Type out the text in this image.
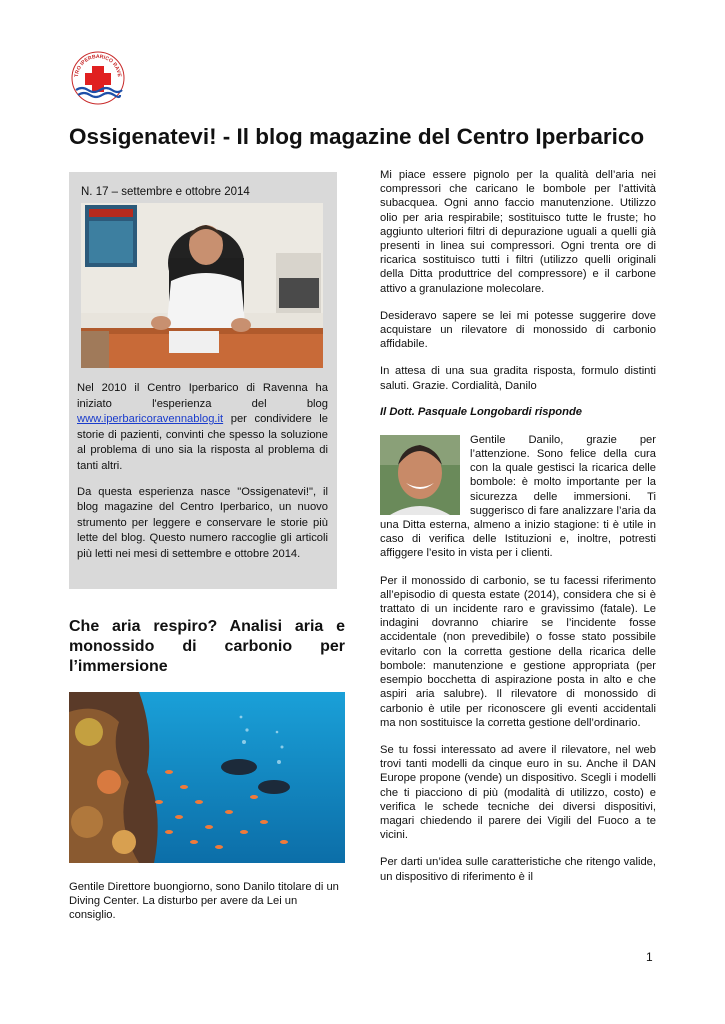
TRO IPERBARICO RAVE
Ossigenatevi! - Il blog magazine del Centro Iperbarico
N. 17 – settembre e ottobre 2014

Nel 2010 il Centro Iperbarico di Ravenna ha iniziato l'esperienza del blog www.iperbaricoravennablog.it per condividere le storie di pazienti, convinti che spesso la soluzione al problema di uno sia la risposta al problema di tanti altri.

Da questa esperienza nasce "Ossigenatevi!", il blog magazine del Centro Iperbarico, un nuovo strumento per leggere e conservare le storie più lette del blog. Questo numero raccoglie gli articoli più letti nei mesi di settembre e ottobre 2014.

Che aria respiro? Analisi aria e monossido di carbonio per l’immersione

Gentile Direttore buongiorno, sono Danilo titolare di un Diving Center. La disturbo per avere da Lei un consiglio.

Mi piace essere pignolo per la qualità dell’aria nei compressori che caricano le bombole per l’attività subacquea. Ogni anno faccio manutenzione. Utilizzo olio per aria respirabile; sostituisco tutte le fruste; ho aggiunto ulteriori filtri di depurazione uguali a quelli già presenti in linea sui compressori. Ogni trenta ore di ricarica sostituisco tutti i filtri (utilizzo quelli originali della Ditta produttrice del compressore) e il carbone attivo a granulazione molecolare.

Desideravo sapere se lei mi potesse suggerire dove acquistare un rilevatore di monossido di carbonio affidabile.

In attesa di una sua gradita risposta, formulo distinti saluti. Grazie. Cordialità, Danilo

Il Dott. Pasquale Longobardi risponde

Gentile Danilo, grazie per l’attenzione. Sono felice della cura con la quale gestisci la ricarica delle bombole: è molto importante per la sicurezza delle immersioni. Ti suggerisco di fare analizzare l’aria da una Ditta esterna, almeno a inizio stagione: ti è utile in caso di verifica delle Istituzioni e, inoltre, potresti affiggere l’esito in vista per i clienti.

Per il monossido di carbonio, se tu facessi riferimento all’episodio di questa estate (2014), considera che si è trattato di un incidente raro e gravissimo (fatale). Le indagini dovranno chiarire se l’incidente fosse accidentale (non prevedibile) o fosse stato possibile evitarlo con la corretta gestione della ricarica delle bombole: manutenzione e gestione appropriata (per esempio bocchetta di aspirazione posta in alto e che aspiri aria salubre). Il rilevatore di monossido di carbonio è utile per riconoscere gli eventi accidentali ma non sostituisce la corretta gestione dell’ordinario.

Se tu fossi interessato ad avere il rilevatore, nel web trovi tanti modelli da cinque euro in su. Anche il DAN Europe propone (vende) un dispositivo. Scegli i modelli che ti piacciono di più (modalità di utilizzo, costo) e verifica le schede tecniche dei diversi dispositivi, magari chiedendo il parere dei Vigili del Fuoco a te vicini.

Per darti un’idea sulle caratteristiche che ritengo valide, un dispositivo di riferimento è il

1
